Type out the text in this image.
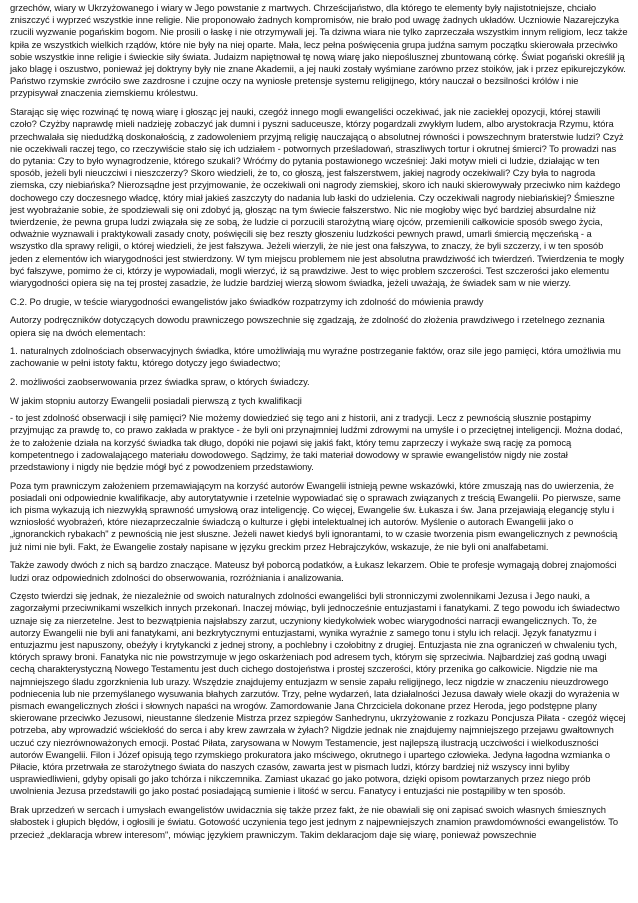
grzechów, wiary w Ukrzyżowanego i wiary w Jego powstanie z martwych. Chrześcijaństwo, dla którego te elementy były najistotniejsze, chciało zniszczyć i wyprzeć wszystkie inne religie. Nie proponowało żadnych kompromisów, nie brało pod uwagę żadnych układów. Uczniowie Nazarejczyka rzucili wyzwanie pogańskim bogom. Nie prosili o łaskę i nie otrzymywali jej. Ta dziwna wiara nie tylko zaprzeczała wszystkim innym religiom, lecz także kpiła ze wszystkich wielkich rządów, które nie były na niej oparte. Mała, lecz pełna poświęcenia grupa judźna samym początku skierowała przeciwko sobie wszystkie inne religie i świeckie siły świata. Judaizm napiętnował tę nową wiarę jako niepoślusznej zbuntowaną córkę. Świat pogański określił ją jako blagę i oszustwo, ponieważ jej doktryny były nie znane Akademii, a jej nauki zostały wyśmiane zarówno przez stoików, jak i przez epikurejczyków. Państwo rzymskie zwróciło swe zazdrosne i czujne oczy na wyniosłe pretensje systemu religijnego, który nauczał o bezsilności królów i nie przypisywał znaczenia ziemskiemu królestwu.

Starając się więc rozwinąć tę nową wiarę i głosząc jej nauki, czegóż innego mogli ewangeliści oczekiwać, jak nie zaciekłej opozycji, której stawili czoło? Czyżby naprawdę mieli nadzieję zobaczyć jak dumni i pyszni saduceusze, którzy pogardzali zwykłym ludem, albo arystokracja Rzymu, która przechwalała się niedudźką doskonałością, z zadowoleniem przyjmą religię nauczającą o absolutnej równości i powszechnym braterstwie ludzi? Czyż nie oczekiwali raczej tego, co rzeczywiście stało się ich udziałem - potwornych prześladowań, straszliwych tortur i okrutnej śmierci? To prowadzi nas do pytania: Czy to było wynagrodzenie, którego szukali? Wróćmy do pytania postawionego wcześniej: Jaki motyw mieli ci ludzie, działając w ten sposób, jeżeli byli nieuczciwi i nieszczerzy? Skoro wiedzieli, że to, co głoszą, jest fałszerstwem, jakiej nagrody oczekiwali? Czy była to nagroda ziemska, czy niebiańska? Nierozsądne jest przyjmowanie, że oczekiwali oni nagrody ziemskiej, skoro ich nauki skierowywały przeciwko nim każdego dochowego czy doczesnego władcę, który miał jakieś zaszczyty do nadania lub łaski do udzielenia. Czy oczekiwali nagrody niebiańskiej? Śmieszne jest wyobrażanie sobie, że spodziewali się oni zdobyć ją, głosząc na tym świecie fałszerstwo. Nic nie mogłoby więc być bardziej absurdalne niż twierdzenie, że pewna grupa ludzi związała się ze sobą, że ludzie ci porzucili starożytną wiarę ojców, przemienili całkowicie sposób swego życia, odważnie wyznawali i praktykowali zasady cnoty, poświęcili się bez reszty głoszeniu ludzkości pewnych prawd, umarli śmiercią męczeńską - a wszystko dla sprawy religii, o której wiedzieli, że jest fałszywa. Jeżeli wierzyli, że nie jest ona fałszywa, to znaczy, że byli szczerzy, i w ten sposób jeden z elementów ich wiarygodności jest stwierdzony. W tym miejscu problemem nie jest absolutna prawdziwość ich twierdzeń. Twierdzenia te mogły być fałszywe, pomimo że ci, którzy je wypowiadali, mogli wierzyć, iż są prawdziwe. Jest to więc problem szczerości. Test szczerości jako elementu wiarygodności opiera się na tej prostej zasadzie, że ludzie bardziej wierzą słowom świadka, jeżeli uważają, że świadek sam w nie wierzy.

C.2. Po drugie, w teście wiarygodności ewangelistów jako świadków rozpatrzymy ich zdolność do mówienia prawdy

Autorzy podręczników dotyczących dowodu prawniczego powszechnie się zgadzają, że zdolność do złożenia prawdziwego i rzetelnego zeznania opiera się na dwóch elementach:

1. naturalnych zdolnościach obserwacyjnych świadka, które umożliwiają mu wyraźne postrzeganie faktów, oraz sile jego pamięci, która umożliwia mu zachowanie w pełni istoty faktu, którego dotyczy jego świadectwo;

2. możliwości zaobserwowania przez świadka spraw, o których świadczy.

W jakim stopniu autorzy Ewangelii posiadali pierwszą z tych kwalifikacji

- to jest zdolność obserwacji i siłę pamięci? Nie możemy dowiedzieć się tego ani z historii, ani z tradycji. Lecz z pewnością słusznie postąpimy przyjmując za prawdę to, co prawo zakłada w praktyce - że byli oni przynajmniej ludźmi zdrowymi na umyśle i o przeciętnej inteligencji. Można dodać, że to założenie działa na korzyść świadka tak długo, dopóki nie pojawi się jakiś fakt, który temu zaprzeczy i wykaże swą rację za pomocą kompetentnego i zadowalającego materiału dowodowego. Sądzimy, że taki materiał dowodowy w sprawie ewangelistów nigdy nie został przedstawiony i nigdy nie będzie mógł być z powodzeniem przedstawiony.

Poza tym prawniczym założeniem przemawiającym na korzyść autorów Ewangelii istnieją pewne wskazówki, które zmuszają nas do uwierzenia, że posiadali oni odpowiednie kwalifikacje, aby autorytatywnie i rzetelnie wypowiadać się o sprawach związanych z treścią Ewangelii. Po pierwsze, same ich pisma wykazują ich niezwykłą sprawność umysłową oraz inteligencję. Co więcej, Ewangelie św. Łukasza i św. Jana przejawiają elegancję stylu i wzniosłość wyobrażeń, które niezaprzeczalnie świadczą o kulturze i głębi intelektualnej ich autorów. Myślenie o autorach Ewangelii jako o „ignoranckich rybakach" z pewnością nie jest słuszne. Jeżeli nawet kiedyś byli ignorantami, to w czasie tworzenia pism ewangelicznych z pewnością już nimi nie byli. Fakt, że Ewangelie zostały napisane w języku greckim przez Hebrajczyków, wskazuje, że nie byli oni analfabetami.

Także zawody dwóch z nich są bardzo znaczące. Mateusz był poborcą podatków, a Łukasz lekarzem. Obie te profesje wymagają dobrej znajomości ludzi oraz odpowiednich zdolności do obserwowania, rozróżniania i analizowania.

Często twierdzi się jednak, że niezależnie od swoich naturalnych zdolności ewangeliści byli stronniczymi zwolennikami Jezusa i Jego nauki, a zagorzałymi przeciwnikami wszelkich innych przekonań. Inaczej mówiąc, byli jednocześnie entuzjastami i fanatykami. Z tego powodu ich świadectwo uznaje się za nierzetelne. Jest to bezwątpienia najsłabszy zarzut, uczyniony kiedykolwiek wobec wiarygodności narracji ewangelicznych. To, że autorzy Ewangelii nie byli ani fanatykami, ani bezkrytycznymi entuzjastami, wynika wyraźnie z samego tonu i stylu ich relacji. Język fanatyzmu i entuzjazmu jest napuszony, obeźyły i krytykancki z jednej strony, a pochlebny i czołobitny z drugiej. Entuzjasta nie zna ograniczeń w chwaleniu tych, których sprawy broni. Fanatyka nic nie powstrzymuje w jego oskarżeniach pod adresem tych, którym się sprzeciwia. Najbardziej zaś godną uwagi cechą charakterystyczną Nowego Testamentu jest duch cichego dostojeństwa i prostej szczerości, który przenika go całkowicie. Nigdzie nie ma najmniejszego śladu zgorzknienia lub urazy. Wszędzie znajdujemy entuzjazm w sensie zapału religijnego, lecz nigdzie w znaczeniu nieuzdrowego podniecenia lub nie przemyślanego wysuwania błahych zarzutów. Trzy, pełne wydarzeń, lata działalności Jezusa dawały wiele okazji do wyrażenia w pismach ewangelicznych złości i słownych napaści na wrogów. Zamordowanie Jana Chrzciciela dokonane przez Heroda, jego podstępne plany skierowane przeciwko Jezusowi, nieustanne śledzenie Mistrza przez szpiegów Sanhedrynu, ukrzyżowanie z rozkazu Poncjusza Piłata - czegóż więcej potrzeba, aby wprowadzić wściekłość do serca i aby krew zawrzała w żyłach? Nigdzie jednak nie znajdujemy najmniejszego przejawu gwałtownych uczuć czy niezrównoważonych emocji. Postać Piłata, zarysowana w Nowym Testamencie, jest najlepszą ilustracją uczciwości i wielkoduszności autorów Ewangelii. Filon i Józef opisują tego rzymskiego prokuratora jako mściwego, okrutnego i upartego człowieka. Jedyna łagodna wzmianka o Piłacie, która przetrwała ze starożytnego świata do naszych czasów, zawarta jest w pismach ludzi, którzy bardziej niż wszyscy inni byliby usprawiedliwieni, gdyby opisali go jako tchórza i nikczemnika. Zamiast ukazać go jako potwora, dzięki opisom powtarzanych przez niego prób uwolnienia Jezusa przedstawili go jako postać posiadającą sumienie i litość w sercu. Fanatycy i entuzjaści nie postąpiliby w ten sposób.

Brak uprzedzeń w sercach i umysłach ewangelistów uwidacznia się także przez fakt, że nie obawiali się oni zapisać swoich własnych śmiesznych słabostek i głupich błędów, i ogłosili je światu. Gotowość uczynienia tego jest jednym z najpewniejszych znamion prawdomówności ewangelistów. To przecież „deklaracja wbrew interesom", mówiąc językiem prawniczym. Takim deklaracjom daje się wiarę, ponieważ powszechnie
